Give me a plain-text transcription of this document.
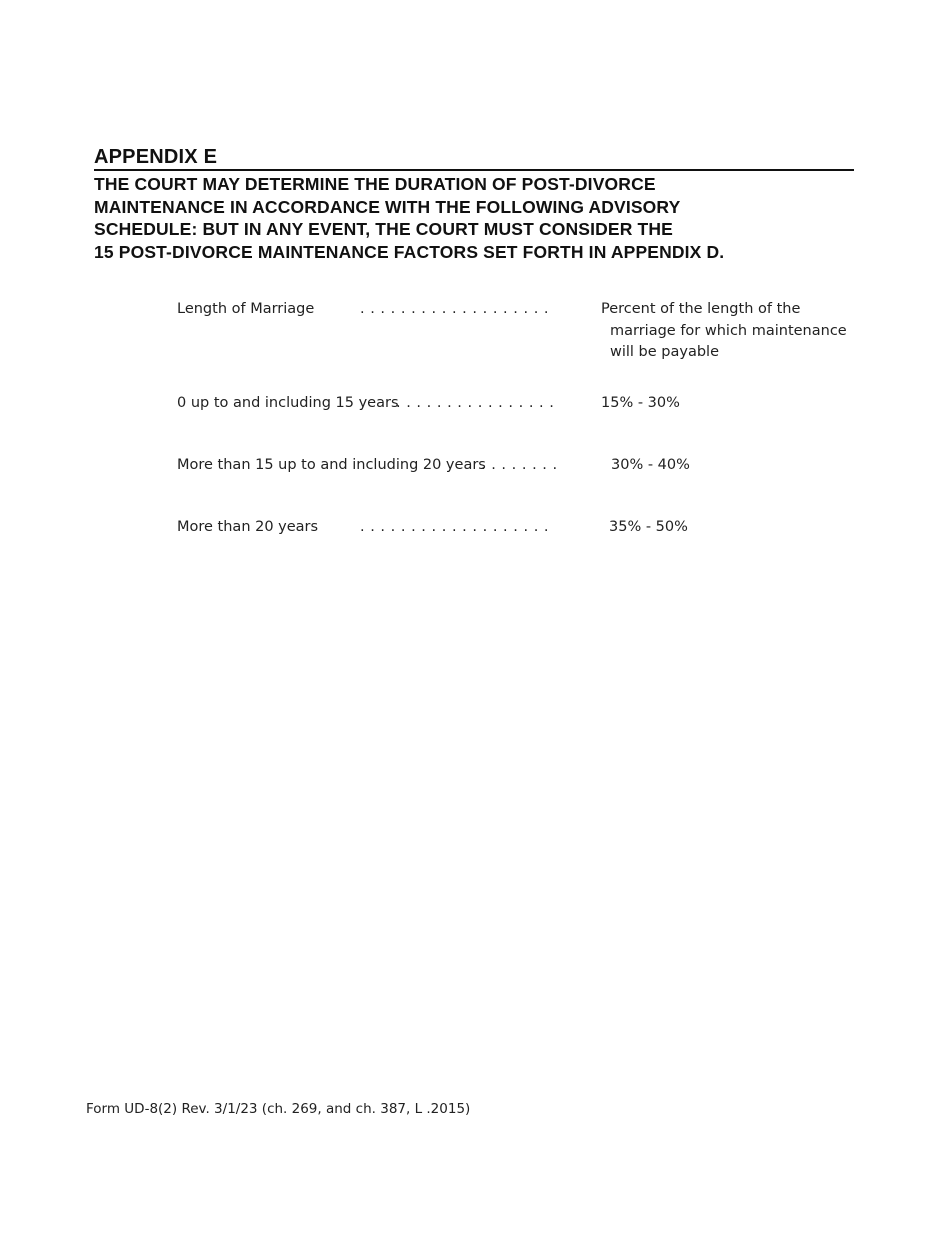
APPENDIX E
THE COURT MAY DETERMINE THE DURATION OF POST-DIVORCE
MAINTENANCE IN ACCORDANCE WITH THE FOLLOWING ADVISORY
SCHEDULE: BUT IN ANY EVENT, THE COURT MUST CONSIDER THE
15 POST-DIVORCE MAINTENANCE FACTORS SET FORTH IN APPENDIX D.
Length of Marriage	. . . . . . . . . . . . . . . . . . .	Percent of the length of the
marriage for which maintenance
will be payable
0 up to and including 15 years
. . . . . . . . . . . . . . . .	15% - 30%
More than 15 up to and including 20 years
. . . . . . . .	30% - 40%
More than 20 years	. . . . . . . . . . . . . . . . . . .	35% - 50%
Form UD-8(2) Rev. 3/1/23 (ch. 269, and ch. 387, L .2015)
